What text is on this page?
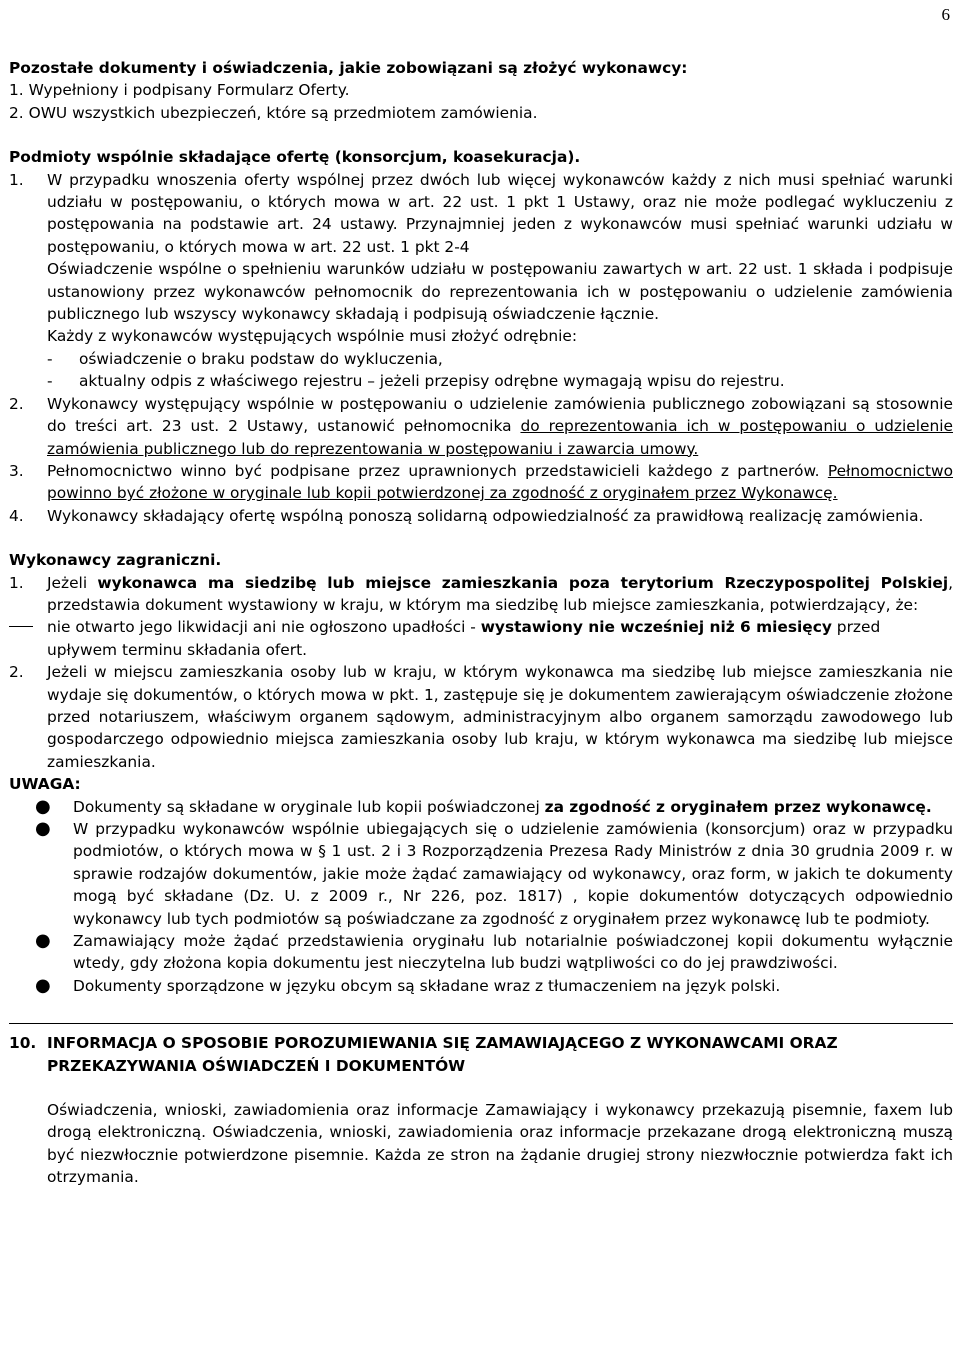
6

Pozostałe dokumenty i oświadczenia, jakie zobowiązani są złożyć wykonawcy:

1. Wypełniony i podpisany Formularz Oferty.

2. OWU wszystkich ubezpieczeń, które są przedmiotem zamówienia.

Podmioty wspólnie składające ofertę (konsorcjum, koasekuracja).

1.	W przypadku wnoszenia oferty wspólnej przez dwóch lub więcej wykonawców każdy z nich musi spełniać warunki udziału w postępowaniu, o których mowa w art. 22 ust. 1 pkt 1 Ustawy, oraz nie może podlegać wykluczeniu z postępowania na podstawie art. 24 ustawy. Przynajmniej jeden z wykonawców musi spełniać warunki udziału w postępowaniu, o których mowa w art. 22 ust. 1 pkt 2-4

Oświadczenie wspólne o spełnieniu warunków udziału w postępowaniu zawartych w art. 22 ust. 1 składa i podpisuje ustanowiony przez wykonawców pełnomocnik do reprezentowania ich w postępowaniu o udzielenie zamówienia publicznego lub wszyscy wykonawcy składają i podpisują oświadczenie łącznie.

Każdy z wykonawców występujących wspólnie musi złożyć odrębnie:

-	oświadczenie o braku podstaw do wykluczenia,
-	aktualny odpis z właściwego rejestru – jeżeli przepisy odrębne wymagają wpisu do rejestru.
2.	Wykonawcy występujący wspólnie w postępowaniu o udzielenie zamówienia publicznego zobowiązani są stosownie do treści art. 23 ust. 2 Ustawy, ustanowić pełnomocnika do reprezentowania ich w postępowaniu o udzielenie zamówienia publicznego lub do reprezentowania w postępowaniu i zawarcia umowy.
3.	Pełnomocnictwo winno być podpisane przez uprawnionych przedstawicieli każdego z partnerów. Pełnomocnictwo powinno być złożone w oryginale lub kopii potwierdzonej za zgodność z oryginałem przez Wykonawcę.
4.	Wykonawcy składający ofertę wspólną ponoszą solidarną odpowiedzialność za prawidłową realizację zamówienia.

Wykonawcy zagraniczni.

1.	Jeżeli wykonawca ma siedzibę lub miejsce zamieszkania poza terytorium Rzeczypospolitej Polskiej, przedstawia dokument wystawiony w kraju, w którym ma siedzibę lub miejsce zamieszkania, potwierdzający, że:
nie otwarto jego likwidacji ani nie ogłoszono upadłości - wystawiony nie wcześniej niż 6 miesięcy przed upływem terminu składania ofert.
2.	Jeżeli w miejscu zamieszkania osoby lub w kraju, w którym wykonawca ma siedzibę lub miejsce zamieszkania nie wydaje się dokumentów, o których mowa w pkt. 1, zastępuje się je dokumentem zawierającym oświadczenie złożone przed notariuszem, właściwym organem sądowym, administracyjnym albo organem samorządu zawodowego lub gospodarczego odpowiednio miejsca zamieszkania osoby lub kraju, w którym wykonawca ma siedzibę lub miejsce zamieszkania.

UWAGA:

●	Dokumenty są składane w oryginale lub kopii poświadczonej za zgodność z oryginałem przez wykonawcę.
●	W przypadku wykonawców wspólnie ubiegających się o udzielenie zamówienia (konsorcjum) oraz w przypadku podmiotów, o których mowa w § 1 ust. 2 i 3 Rozporządzenia Prezesa Rady Ministrów z dnia 30 grudnia 2009 r. w sprawie rodzajów dokumentów, jakie może żądać zamawiający od wykonawcy, oraz form, w jakich te dokumenty mogą być składane (Dz. U. z 2009 r., Nr 226, poz. 1817) , kopie dokumentów dotyczących odpowiednio wykonawcy lub tych podmiotów są poświadczane za zgodność z oryginałem przez wykonawcę lub te podmioty.
●	Zamawiający może żądać przedstawienia oryginału lub notarialnie poświadczonej kopii dokumentu wyłącznie wtedy, gdy złożona kopia dokumentu jest nieczytelna lub budzi wątpliwości co do jej prawdziwości.
●	Dokumenty sporządzone w języku obcym są składane wraz z tłumaczeniem na język polski.
10. INFORMACJA O SPOSOBIE POROZUMIEWANIA SIĘ ZAMAWIAJĄCEGO Z WYKONAWCAMI ORAZ PRZEKAZYWANIA OŚWIADCZEŃ I DOKUMENTÓW

Oświadczenia, wnioski, zawiadomienia oraz informacje Zamawiający i wykonawcy przekazują pisemnie, faxem lub drogą elektroniczną. Oświadczenia, wnioski, zawiadomienia oraz informacje przekazane drogą elektroniczną muszą być niezwłocznie potwierdzone pisemnie. Każda ze stron na żądanie drugiej strony niezwłocznie potwierdza fakt ich otrzymania.
